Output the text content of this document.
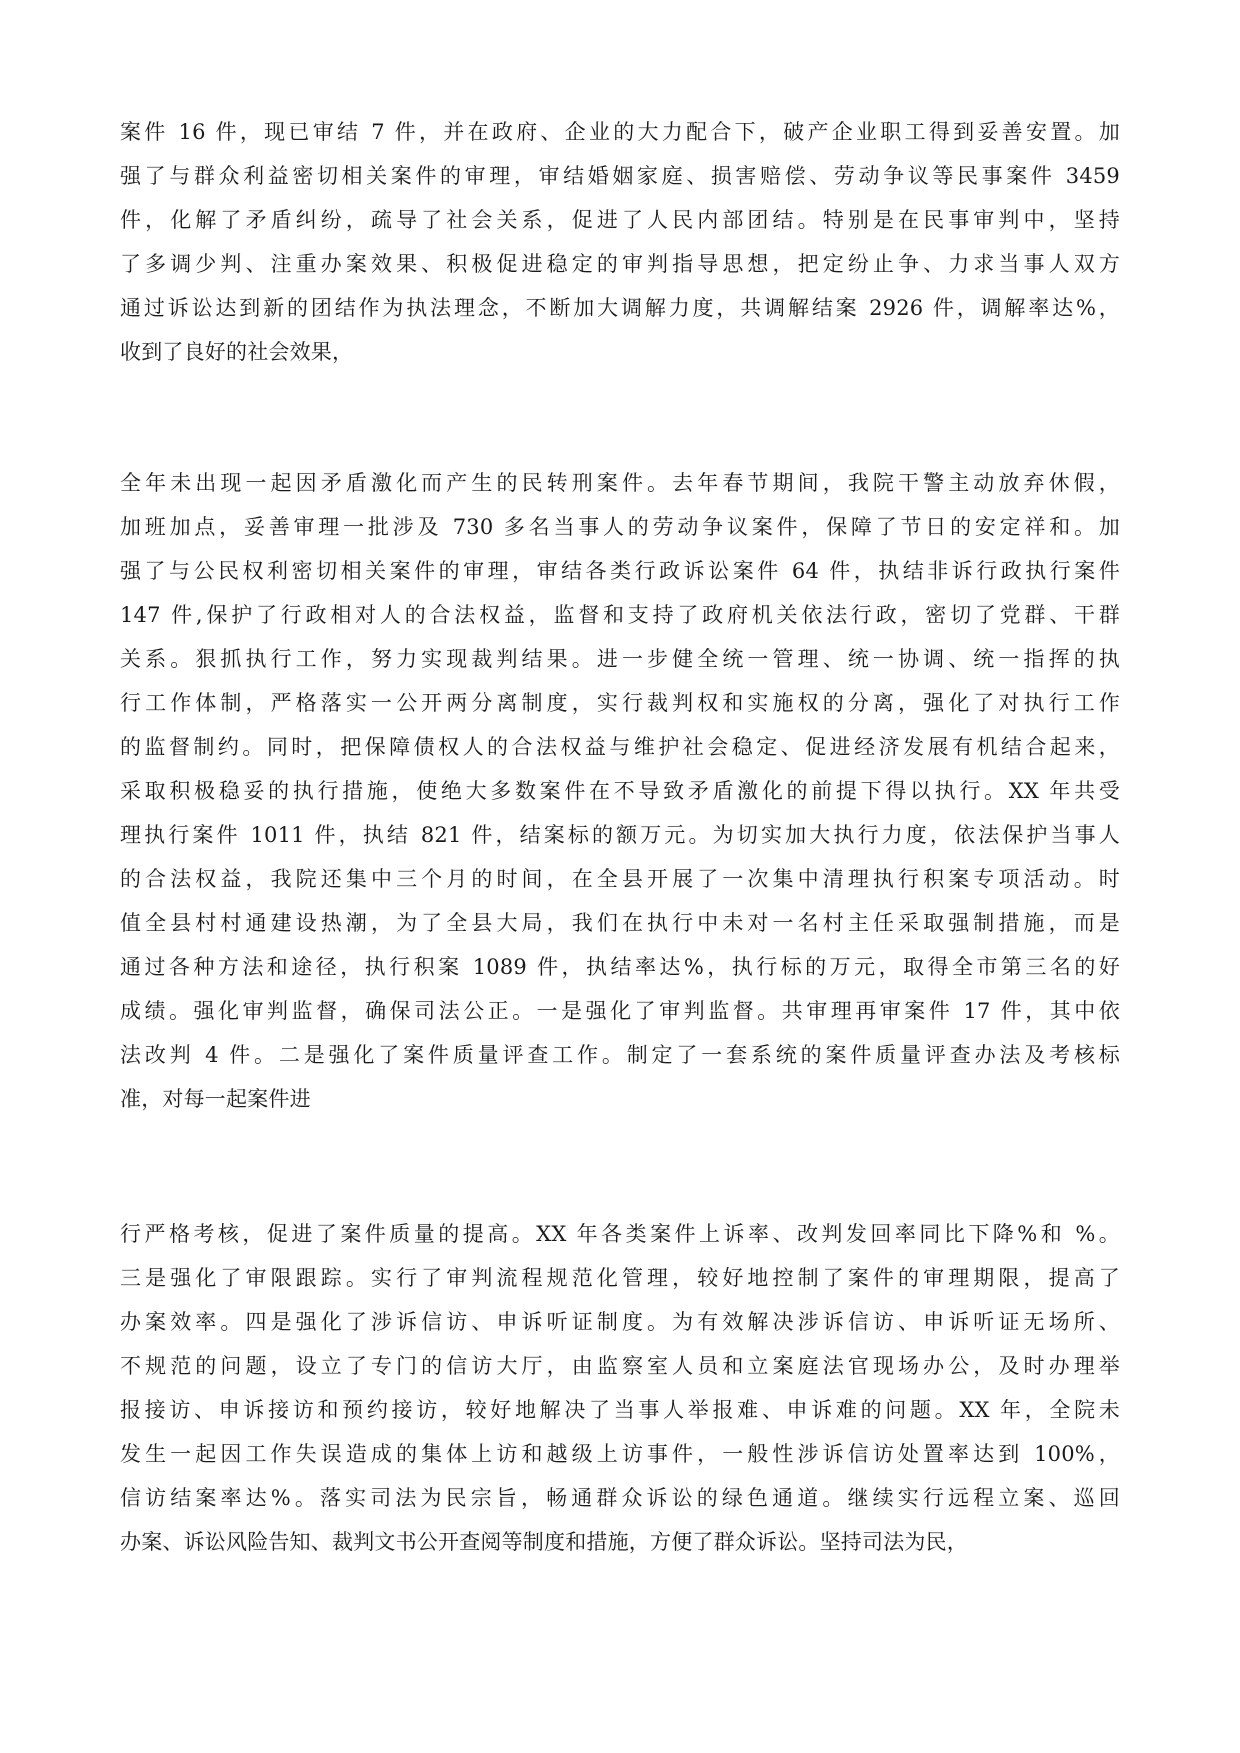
案件 16 件，现已审结 7 件，并在政府、企业的大力配合下，破产企业职工得到妥善安置。加
强了与群众利益密切相关案件的审理，审结婚姻家庭、损害赔偿、劳动争议等民事案件 3459
件，化解了矛盾纠纷，疏导了社会关系，促进了人民内部团结。特别是在民事审判中，坚持
了多调少判、注重办案效果、积极促进稳定的审判指导思想，把定纷止争、力求当事人双方
通过诉讼达到新的团结作为执法理念，不断加大调解力度，共调解结案 2926 件，调解率达%，
收到了良好的社会效果，
全年未出现一起因矛盾激化而产生的民转刑案件。去年春节期间，我院干警主动放弃休假，
加班加点，妥善审理一批涉及 730 多名当事人的劳动争议案件，保障了节日的安定祥和。加
强了与公民权利密切相关案件的审理，审结各类行政诉讼案件 64 件，执结非诉行政执行案件
147 件,保护了行政相对人的合法权益，监督和支持了政府机关依法行政，密切了党群、干群
关系。狠抓执行工作，努力实现裁判结果。进一步健全统一管理、统一协调、统一指挥的执
行工作体制，严格落实一公开两分离制度，实行裁判权和实施权的分离，强化了对执行工作
的监督制约。同时，把保障债权人的合法权益与维护社会稳定、促进经济发展有机结合起来，
采取积极稳妥的执行措施，使绝大多数案件在不导致矛盾激化的前提下得以执行。XX 年共受
理执行案件 1011 件，执结 821 件，结案标的额万元。为切实加大执行力度，依法保护当事人
的合法权益，我院还集中三个月的时间，在全县开展了一次集中清理执行积案专项活动。时
值全县村村通建设热潮，为了全县大局，我们在执行中未对一名村主任采取强制措施，而是
通过各种方法和途径，执行积案 1089 件，执结率达%，执行标的万元，取得全市第三名的好
成绩。强化审判监督，确保司法公正。一是强化了审判监督。共审理再审案件 17 件，其中依
法改判 4 件。二是强化了案件质量评查工作。制定了一套系统的案件质量评查办法及考核标
准，对每一起案件进
行严格考核，促进了案件质量的提高。XX 年各类案件上诉率、改判发回率同比下降%和 %。
三是强化了审限跟踪。实行了审判流程规范化管理，较好地控制了案件的审理期限，提高了
办案效率。四是强化了涉诉信访、申诉听证制度。为有效解决涉诉信访、申诉听证无场所、
不规范的问题，设立了专门的信访大厅，由监察室人员和立案庭法官现场办公，及时办理举
报接访、申诉接访和预约接访，较好地解决了当事人举报难、申诉难的问题。XX 年，全院未
发生一起因工作失误造成的集体上访和越级上访事件，一般性涉诉信访处置率达到 100%，
信访结案率达%。落实司法为民宗旨，畅通群众诉讼的绿色通道。继续实行远程立案、巡回
办案、诉讼风险告知、裁判文书公开查阅等制度和措施，方便了群众诉讼。坚持司法为民，
